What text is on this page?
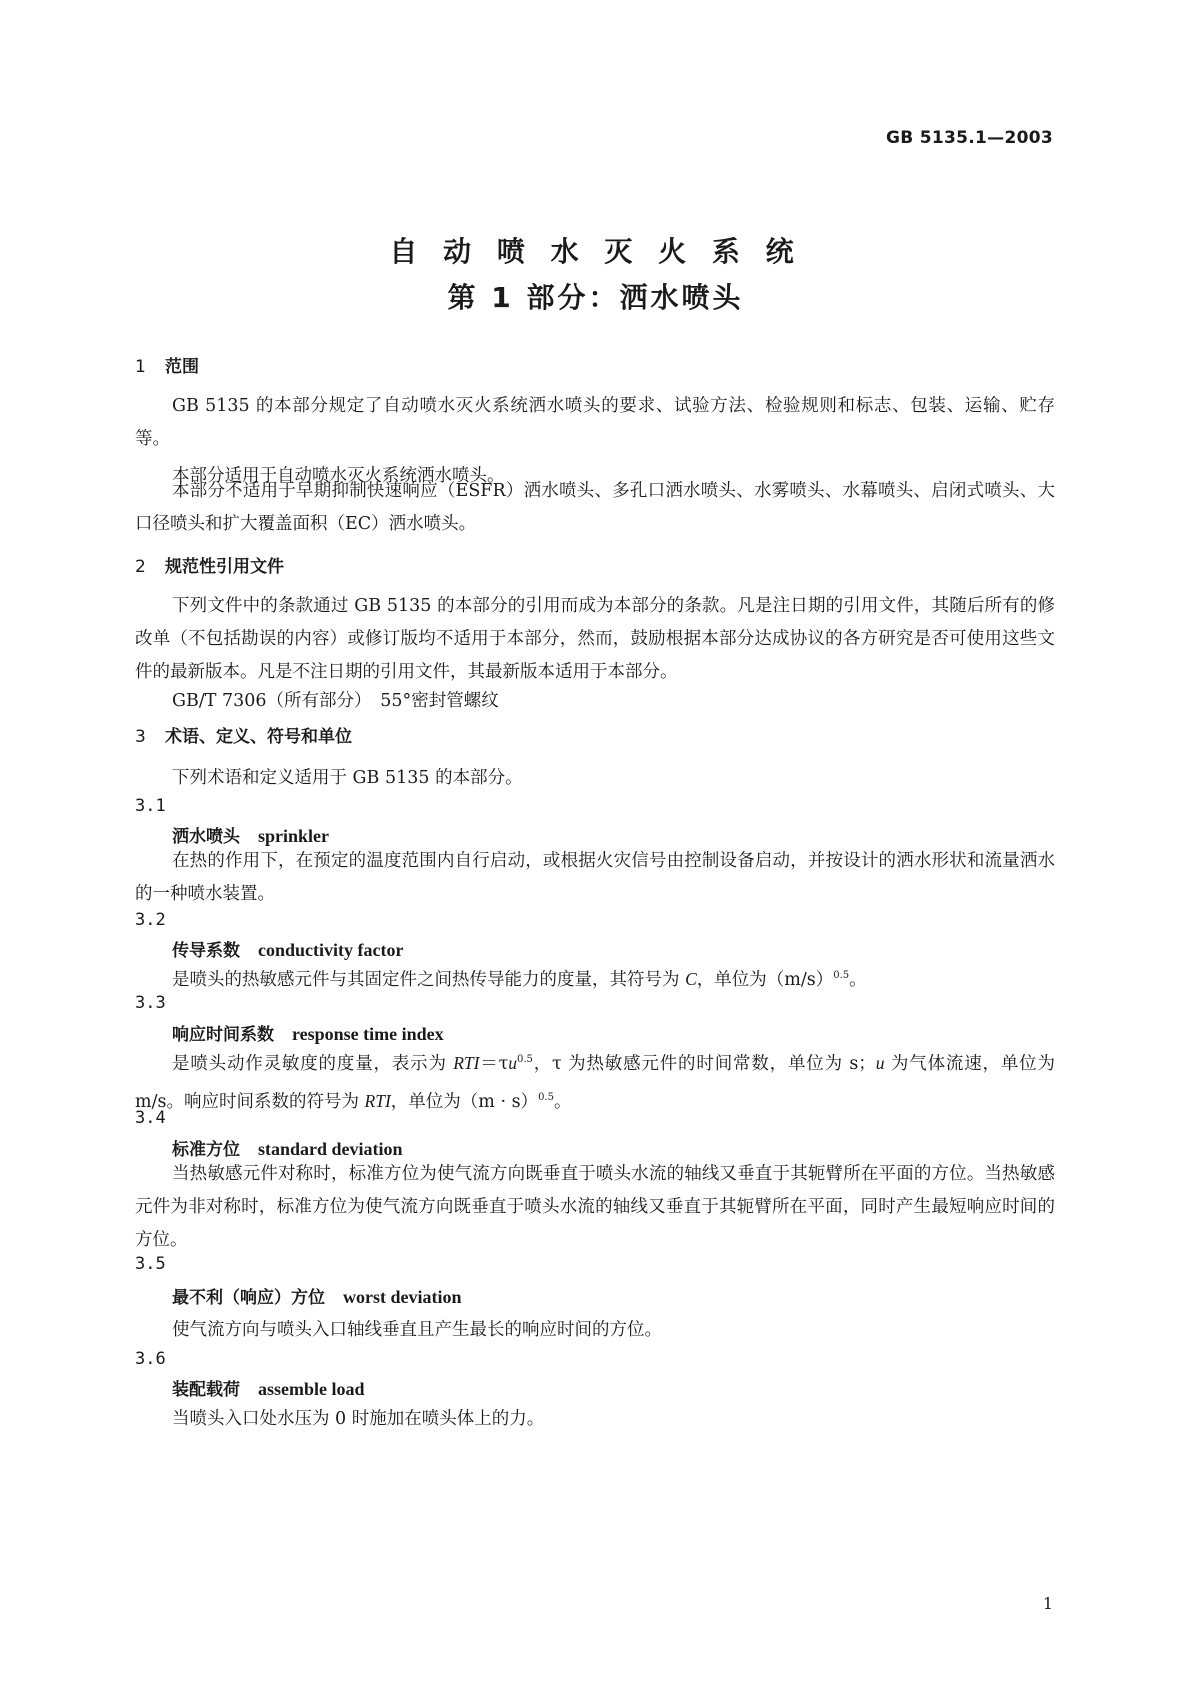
GB 5135.1—2003
自 动 喷 水 灭 火 系 统
第 1 部分：洒水喷头
1 范围
GB 5135 的本部分规定了自动喷水灭火系统洒水喷头的要求、试验方法、检验规则和标志、包装、运输、贮存等。
本部分适用于自动喷水灭火系统洒水喷头。
本部分不适用于早期抑制快速响应（ESFR）洒水喷头、多孔口洒水喷头、水雾喷头、水幕喷头、启闭式喷头、大口径喷头和扩大覆盖面积（EC）洒水喷头。
2 规范性引用文件
下列文件中的条款通过 GB 5135 的本部分的引用而成为本部分的条款。凡是注日期的引用文件，其随后所有的修改单（不包括勘误的内容）或修订版均不适用于本部分，然而，鼓励根据本部分达成协议的各方研究是否可使用这些文件的最新版本。凡是不注日期的引用文件，其最新版本适用于本部分。
GB/T 7306（所有部分）　55°密封管螺纹
3 术语、定义、符号和单位
下列术语和定义适用于 GB 5135 的本部分。
3.1
洒水喷头 sprinkler
在热的作用下，在预定的温度范围内自行启动，或根据火灾信号由控制设备启动，并按设计的洒水形状和流量洒水的一种喷水装置。
3.2
传导系数 conductivity factor
是喷头的热敏感元件与其固定件之间热传导能力的度量，其符号为 C，单位为$(m/s)^{0.5}$。
3.3
响应时间系数 response time index
是喷头动作灵敏度的度量，表示为 $RTI=\tau u^{0.5}$，τ 为热敏感元件的时间常数，单位为 s；u 为气体流速，单位为 m/s。响应时间系数的符号为 RTI，单位为$(m \cdot s)^{0.5}$。
3.4
标准方位 standard deviation
当热敏感元件对称时，标准方位为使气流方向既垂直于喷头水流的轴线又垂直于其轭臂所在平面的方位。当热敏感元件为非对称时，标准方位为使气流方向既垂直于喷头水流的轴线又垂直于其轭臂所在平面，同时产生最短响应时间的方位。
3.5
最不利（响应）方位 worst deviation
使气流方向与喷头入口轴线垂直且产生最长的响应时间的方位。
3.6
装配载荷 assemble load
当喷头入口处水压为 0 时施加在喷头体上的力。
1
